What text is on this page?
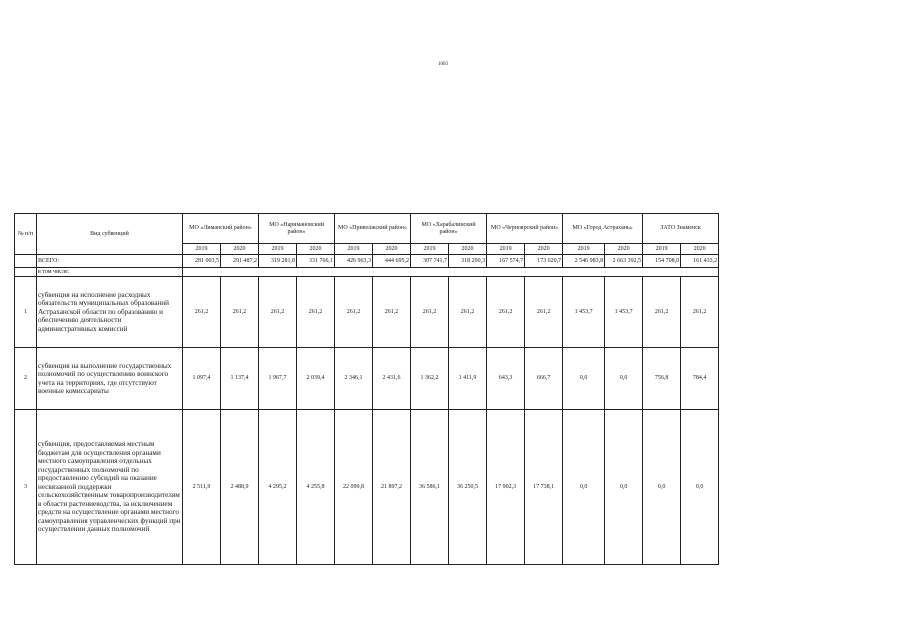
1003
№ п/п	Вид субвенций	МО «Лиманский район»		МО «Наримановский район»		МО «Приволжский район»		МО «Харабалинский район»		МО «Черноярский район»		МО «Город Астрахань»		ЗАТО Знаменск	
		2019	2020	2019	2020	2019	2020	2019	2020	2019	2020	2019	2020	2019	2020
	ВСЕГО:	281 003,5	291 487,2	319 281,8	331 766,1	426 963,3	444 695,2	307 741,7	318 290,3	167 574,7	173 020,7	2 546 983,8	2 663 392,5	154 708,0	161 433,2
	в том числе:														
1	субвенция на исполнение расходных обязательств муниципальных образований Астраханской области по образованию и обеспечению деятельности административных комиссий	261,2	261,2	261,2	261,2	261,2	261,2	261,2	261,2	261,2	261,2	1 453,7	1 453,7	261,2	261,2
2	субвенция на выполнение государственных полномочий по осуществлению воинского учета на территориях, где отсутствуют военные комиссариаты	1 097,4	1 137,4	1 967,7	2 039,4	2 346,1	2 431,6	1 362,2	1 411,9	643,3	666,7	0,0	0,0	756,8	784,4
3	субвенция, предоставляемая местным бюджетам для осуществления органами местного самоуправления отдельных государственных полномочий по предоставлению субсидий на оказание несвязанной поддержки сельскохозяйственным товаропроизводителям в области растениеводства, за исключением средств на осуществление органами местного самоуправления управленческих функций при осуществлении данных полномочий	2 511,9	2 488,9	4 295,2	4 255,8	22 099,8	21 897,2	36 586,1	36 250,5	17 902,3	17 738,1	0,0	0,0	0,0	0,0
